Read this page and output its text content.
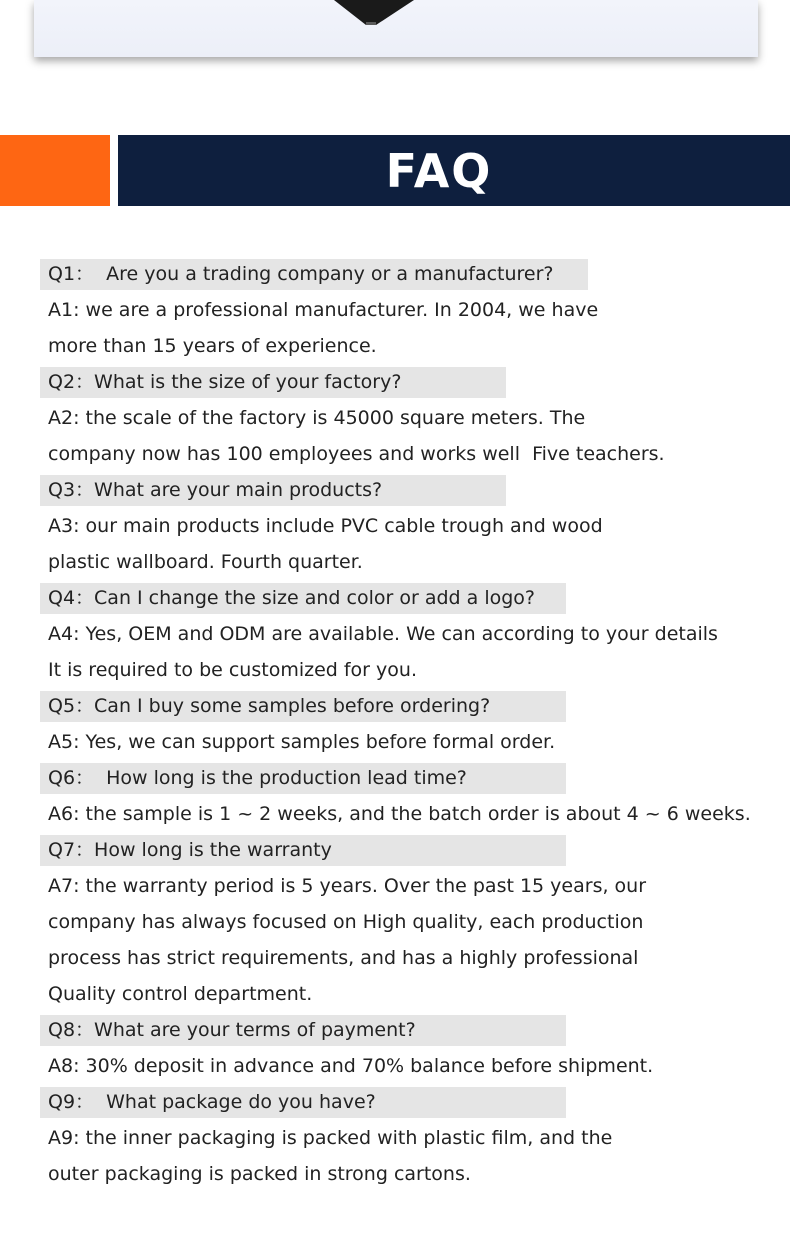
FAQ
Q1：  Are you a trading company or a manufacturer?
A1: we are a professional manufacturer. In 2004, we have
more than 15 years of experience.
Q2：What is the size of your factory?
A2: the scale of the factory is 45000 square meters. The
company now has 100 employees and works well  Five teachers.
Q3：What are your main products?
A3: our main products include PVC cable trough and wood
plastic wallboard. Fourth quarter.
Q4：Can I change the size and color or add a logo?
A4: Yes, OEM and ODM are available. We can according to your details
It is required to be customized for you.
Q5：Can I buy some samples before ordering?
A5: Yes, we can support samples before formal order.
Q6：  How long is the production lead time?
A6: the sample is 1 ~ 2 weeks, and the batch order is about 4 ~ 6 weeks.
Q7：How long is the warranty
A7: the warranty period is 5 years. Over the past 15 years, our
company has always focused on High quality, each production
process has strict requirements, and has a highly professional
Quality control department.
Q8：What are your terms of payment?
A8: 30% deposit in advance and 70% balance before shipment.
Q9：  What package do you have?
A9: the inner packaging is packed with plastic film, and the
outer packaging is packed in strong cartons.
